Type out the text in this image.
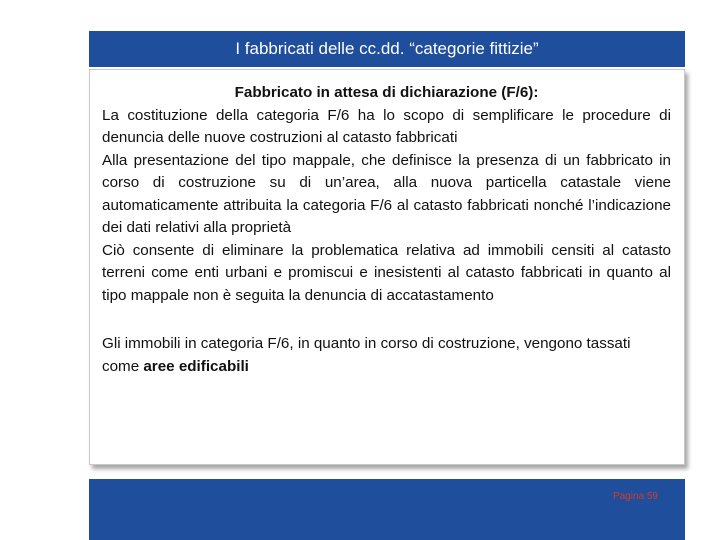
I fabbricati delle cc.dd. “categorie fittizie”
Fabbricato in attesa di dichiarazione (F/6):
La costituzione della categoria F/6 ha lo scopo di semplificare le procedure di denuncia delle nuove costruzioni al catasto fabbricati
Alla presentazione del tipo mappale, che definisce la presenza di un fabbricato in corso di costruzione su di un’area, alla nuova particella catastale viene automaticamente attribuita la categoria F/6 al catasto fabbricati nonché l’indicazione dei dati relativi alla proprietà
Ciò consente di eliminare la problematica relativa ad immobili censiti al catasto terreni come enti urbani e promiscui e inesistenti al catasto fabbricati in quanto al tipo mappale non è seguita la denuncia di accatastamento
Gli immobili in categoria F/6, in quanto in corso di costruzione, vengono tassati come aree edificabili
Pagina 59
